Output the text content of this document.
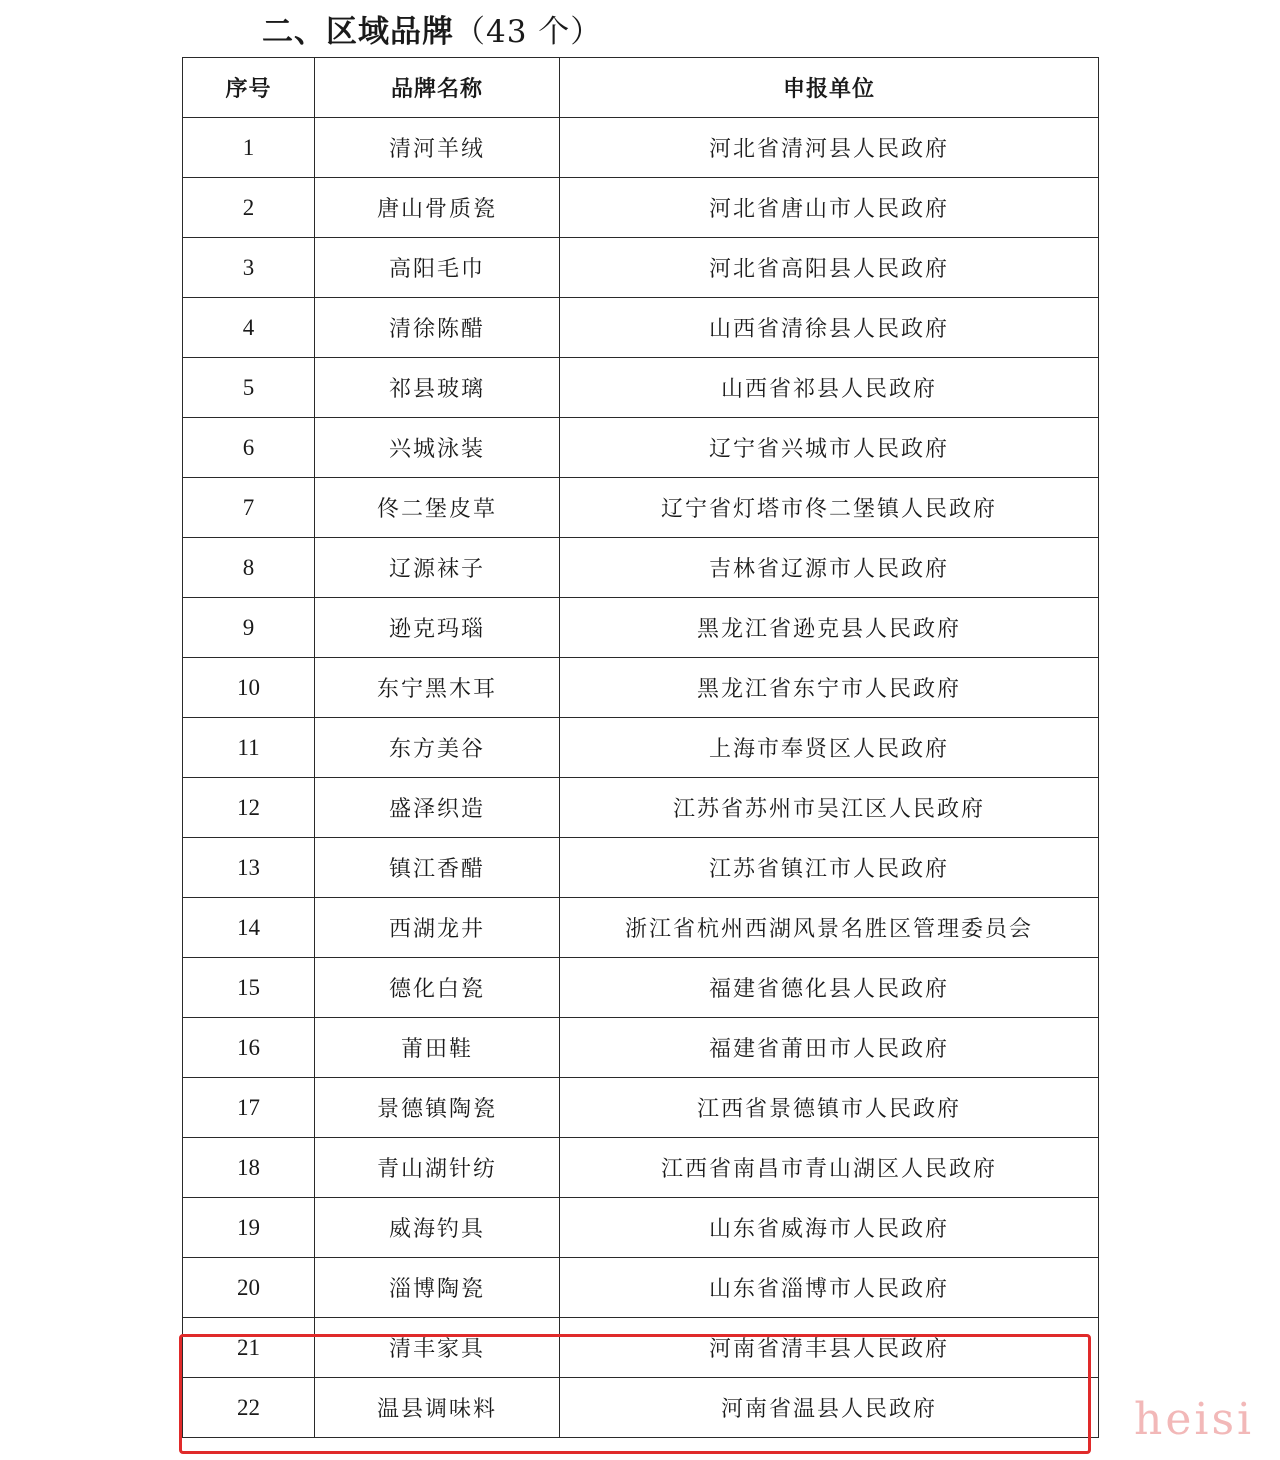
二、区域品牌（43 个）
序号	品牌名称	申报单位
1	清河羊绒	河北省清河县人民政府
2	唐山骨质瓷	河北省唐山市人民政府
3	高阳毛巾	河北省高阳县人民政府
4	清徐陈醋	山西省清徐县人民政府
5	祁县玻璃	山西省祁县人民政府
6	兴城泳装	辽宁省兴城市人民政府
7	佟二堡皮草	辽宁省灯塔市佟二堡镇人民政府
8	辽源袜子	吉林省辽源市人民政府
9	逊克玛瑙	黑龙江省逊克县人民政府
10	东宁黑木耳	黑龙江省东宁市人民政府
11	东方美谷	上海市奉贤区人民政府
12	盛泽织造	江苏省苏州市吴江区人民政府
13	镇江香醋	江苏省镇江市人民政府
14	西湖龙井	浙江省杭州西湖风景名胜区管理委员会
15	德化白瓷	福建省德化县人民政府
16	莆田鞋	福建省莆田市人民政府
17	景德镇陶瓷	江西省景德镇市人民政府
18	青山湖针纺	江西省南昌市青山湖区人民政府
19	威海钓具	山东省威海市人民政府
20	淄博陶瓷	山东省淄博市人民政府
21	清丰家具	河南省清丰县人民政府
22	温县调味料	河南省温县人民政府	heisi
